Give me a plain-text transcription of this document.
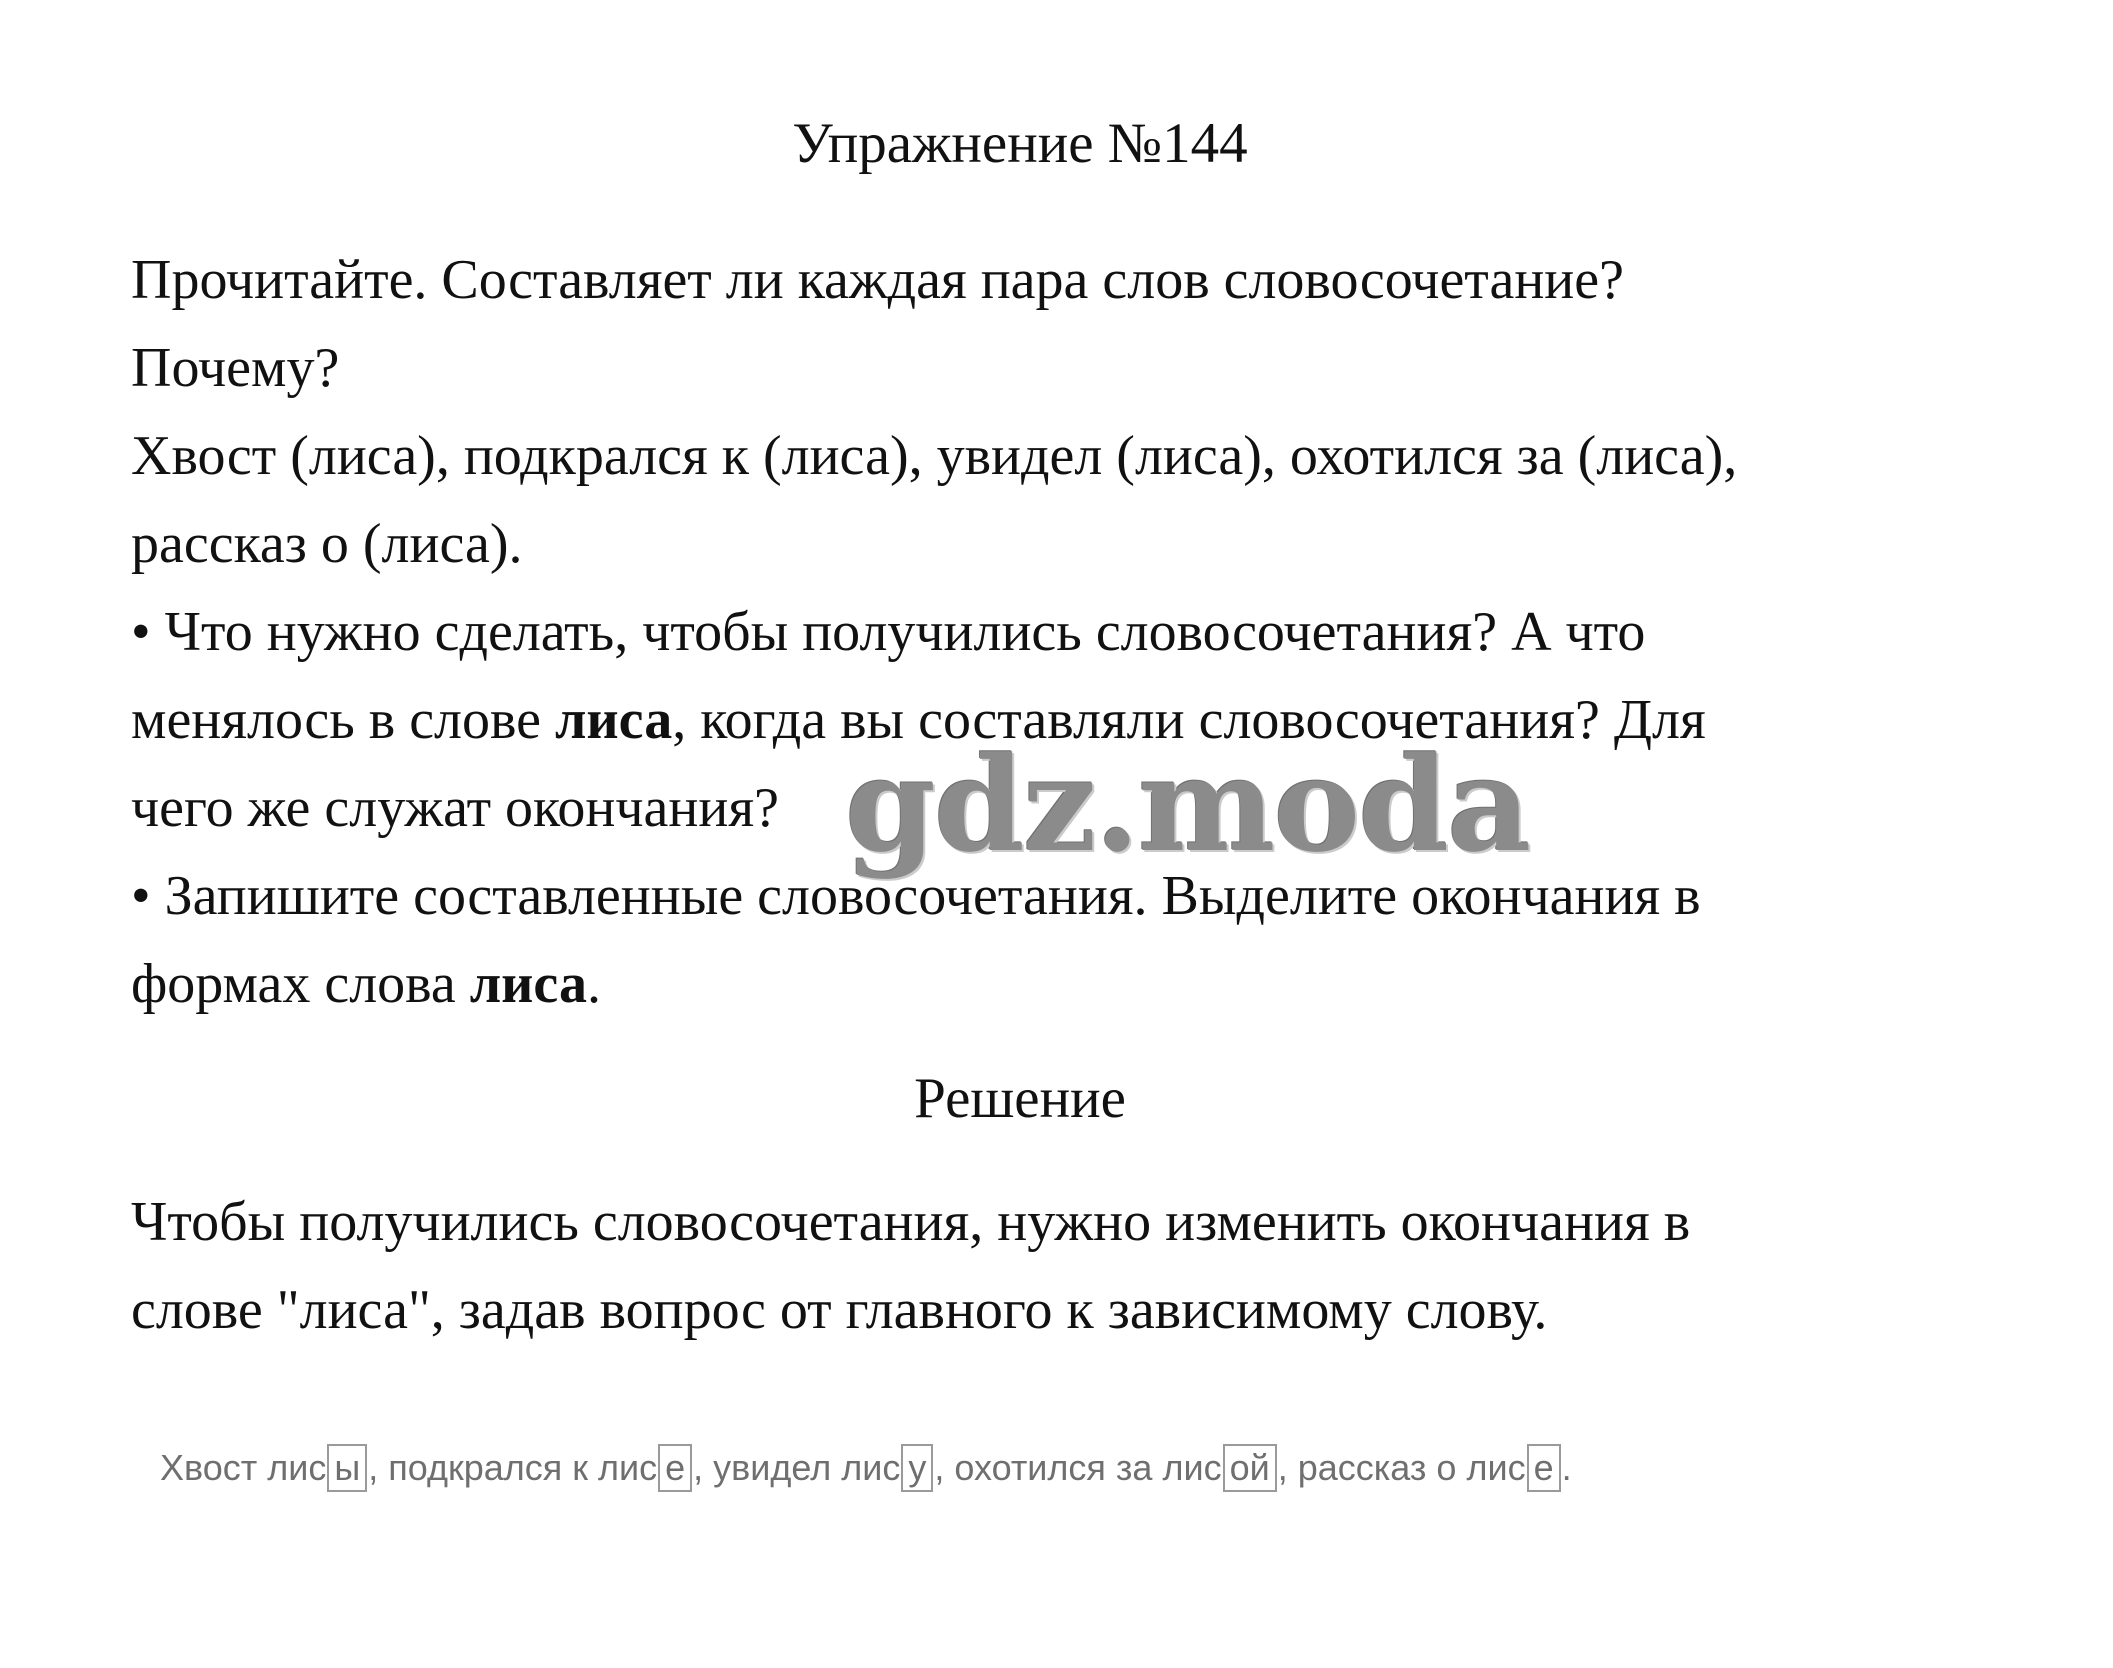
Упражнение №144

Прочитайте. Составляет ли каждая пара слов словосочетание?

Почему?

Хвост (лиса), подкрался к (лиса), увидел (лиса), охотился за (лиса),

рассказ о (лиса).

• Что нужно сделать, чтобы получились словосочетания? А что

менялось в слове лиса, когда вы составляли словосочетания? Для

чего же служат окончания?

• Запишите составленные словосочетания. Выделите окончания в

формах слова лиса.

gdz.moda
Решение

Чтобы получились словосочетания, нужно изменить окончания в

слове "лиса", задав вопрос от главного к зависимому слову.

Хвост лис ы , подкрался к лис е , увидел лис у , охотился за лис ой , рассказ о лис е .
